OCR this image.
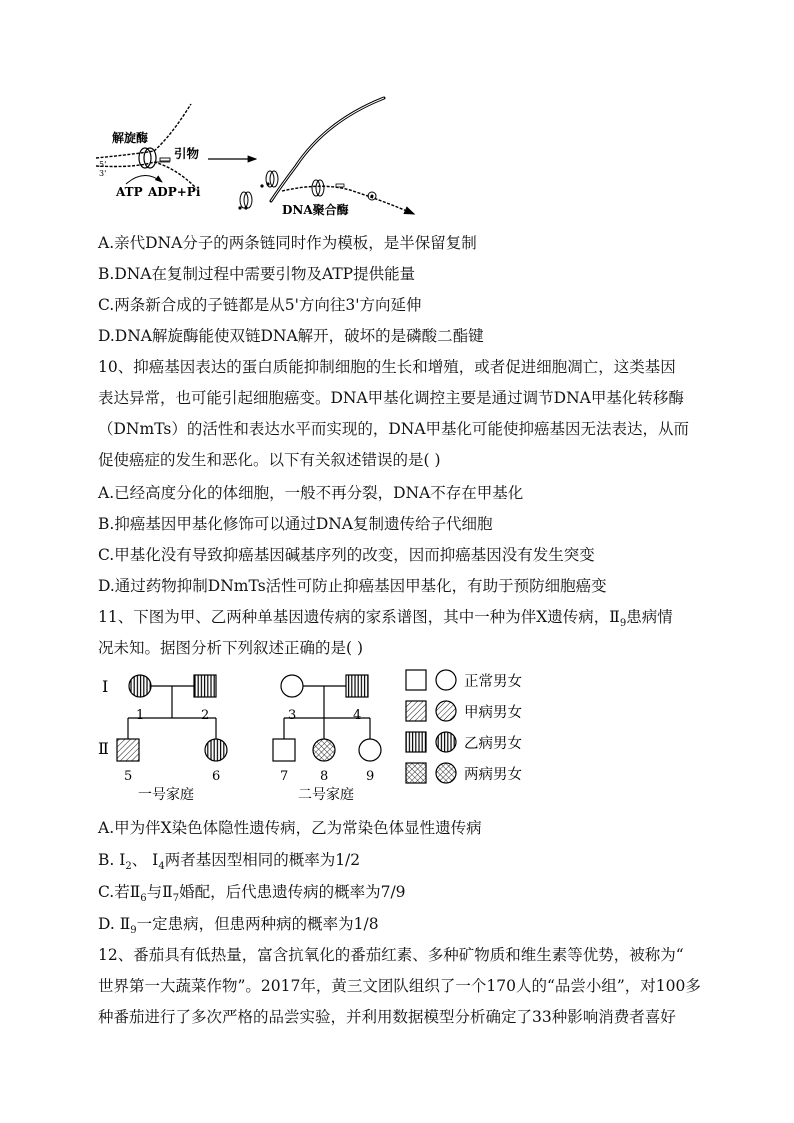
解旋酶
引物
5'
3'
ATP ADP+Pi
DNA聚合酶
A.亲代DNA分子的两条链同时作为模板，是半保留复制
B.DNA在复制过程中需要引物及ATP提供能量
C.两条新合成的子链都是从5'方向往3'方向延伸
D.DNA解旋酶能使双链DNA解开，破坏的是磷酸二酯键
10、抑癌基因表达的蛋白质能抑制细胞的生长和增殖，或者促进细胞凋亡，这类基因
表达异常，也可能引起细胞癌变。DNA甲基化调控主要是通过调节DNA甲基化转移酶
（DNmTs）的活性和表达水平而实现的，DNA甲基化可能使抑癌基因无法表达，从而
促使癌症的发生和恶化。以下有关叙述错误的是( )
A.已经高度分化的体细胞，一般不再分裂，DNA不存在甲基化
B.抑癌基因甲基化修饰可以通过DNA复制遗传给子代细胞
C.甲基化没有导致抑癌基因碱基序列的改变，因而抑癌基因没有发生突变
D.通过药物抑制DNmTs活性可防止抑癌基因甲基化，有助于预防细胞癌变
11、下图为甲、乙两种单基因遗传病的家系谱图，其中一种为伴X遗传病，$Ⅱ_9$患病情
况未知。据图分析下列叙述正确的是( )
Ⅰ
Ⅱ
1	2
5	6
一号家庭
3	4
7 8	9
二号家庭
正常男女
甲病男女
乙病男女
两病男女
A.甲为伴X染色体隐性遗传病，乙为常染色体显性遗传病
B. $Ⅰ_2$、 $Ⅰ_4$两者基因型相同的概率为1/2
C.若$Ⅱ_6$与$Ⅱ_7$婚配，后代患遗传病的概率为7/9
D. $Ⅱ_9$一定患病，但患两种病的概率为1/8
12、番茄具有低热量，富含抗氧化的番茄红素、多种矿物质和维生素等优势，被称为“
世界第一大蔬菜作物”。2017年，黄三文团队组织了一个170人的“品尝小组”，对100多
种番茄进行了多次严格的品尝实验，并利用数据模型分析确定了33种影响消费者喜好
